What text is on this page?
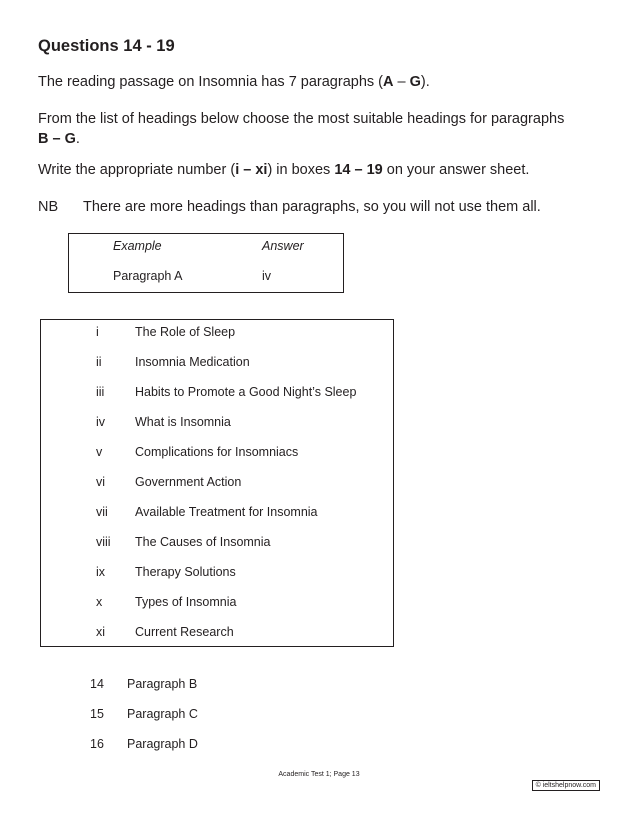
Questions 14 - 19
The reading passage on Insomnia has 7 paragraphs (A – G).
From the list of headings below choose the most suitable headings for paragraphs
B – G.
Write the appropriate number (i – xi) in boxes 14 – 19 on your answer sheet.
NB There are more headings than paragraphs, so you will not use them all.
Example	Answer
Paragraph A	iv
i	The Role of Sleep
ii	Insomnia Medication
iii Habits to Promote a Good Night’s Sleep
iv What is Insomnia
v	Complications for Insomniacs
vi Government Action
vii Available Treatment for Insomnia
viii The Causes of Insomnia
ix Therapy Solutions
x	Types of Insomnia
xi Current Research
14 Paragraph B
15 Paragraph C
16 Paragraph D
Academic Test 1; Page 13
© ieltshelpnow.com
